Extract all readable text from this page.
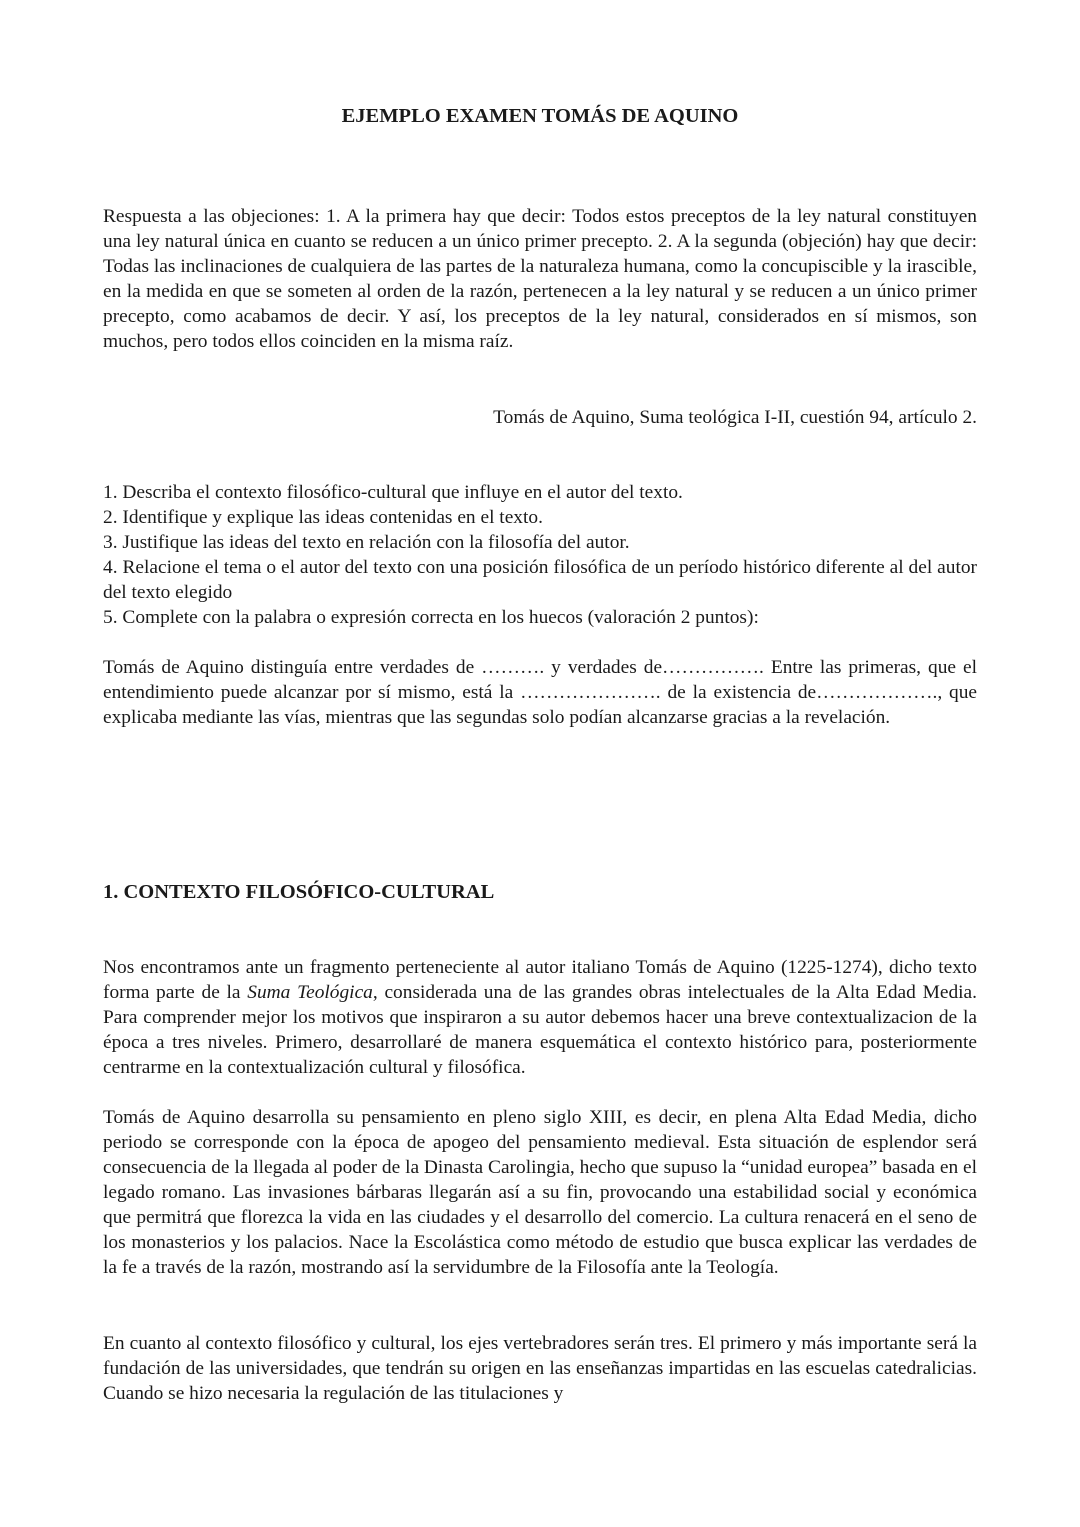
EJEMPLO EXAMEN TOMÁS DE AQUINO

Respuesta a las objeciones: 1. A la primera hay que decir: Todos estos preceptos de la ley natural constituyen una ley natural única en cuanto se reducen a un único primer precepto. 2. A la segunda (objeción) hay que decir: Todas las inclinaciones de cualquiera de las partes de la naturaleza humana, como la concupiscible y la irascible, en la medida en que se someten al orden de la razón, pertenecen a la ley natural y se reducen a un único primer precepto, como acabamos de decir. Y así, los preceptos de la ley natural, considerados en sí mismos, son muchos, pero todos ellos coinciden en la misma raíz.

Tomás de Aquino, Suma teológica I-II, cuestión 94, artículo 2.

1. Describa el contexto filosófico-cultural que influye en el autor del texto.
2. Identifique y explique las ideas contenidas en el texto.
3. Justifique las ideas del texto en relación con la filosofía del autor.
4. Relacione el tema o el autor del texto con una posición filosófica de un período histórico diferente al del autor del texto elegido
5. Complete con la palabra o expresión correcta en los huecos (valoración 2 puntos):

Tomás de Aquino distinguía entre verdades de ………. y verdades de……………. Entre las primeras, que el entendimiento puede alcanzar por sí mismo, está la …………………. de la existencia de………………., que explicaba mediante las vías, mientras que las segundas solo podían alcanzarse gracias a la revelación.

1. CONTEXTO FILOSÓFICO-CULTURAL

Nos encontramos ante un fragmento perteneciente al autor italiano Tomás de Aquino (1225-1274), dicho texto forma parte de la Suma Teológica, considerada una de las grandes obras intelectuales de la Alta Edad Media. Para comprender mejor los motivos que inspiraron a su autor debemos hacer una breve contextualizacion de la época a tres niveles. Primero, desarrollaré de manera esquemática el contexto histórico para, posteriormente centrarme en la contextualización cultural y filosófica.

Tomás de Aquino desarrolla su pensamiento en pleno siglo XIII, es decir, en plena Alta Edad Media, dicho periodo se corresponde con la época de apogeo del pensamiento medieval. Esta situación de esplendor será consecuencia de la llegada al poder de la Dinasta Carolingia, hecho que supuso la “unidad europea” basada en el legado romano. Las invasiones bárbaras llegarán así a su fin, provocando una estabilidad social y económica que permitrá que florezca la vida en las ciudades y el desarrollo del comercio. La cultura renacerá en el seno de los monasterios y los palacios. Nace la Escolástica como método de estudio que busca explicar las verdades de la fe a través de la razón, mostrando así la servidumbre de la Filosofía ante la Teología.

En cuanto al contexto filosófico y cultural, los ejes vertebradores serán tres. El primero y más importante será la fundación de las universidades, que tendrán su origen en las enseñanzas impartidas en las escuelas catedralicias. Cuando se hizo necesaria la regulación de las titulaciones y
